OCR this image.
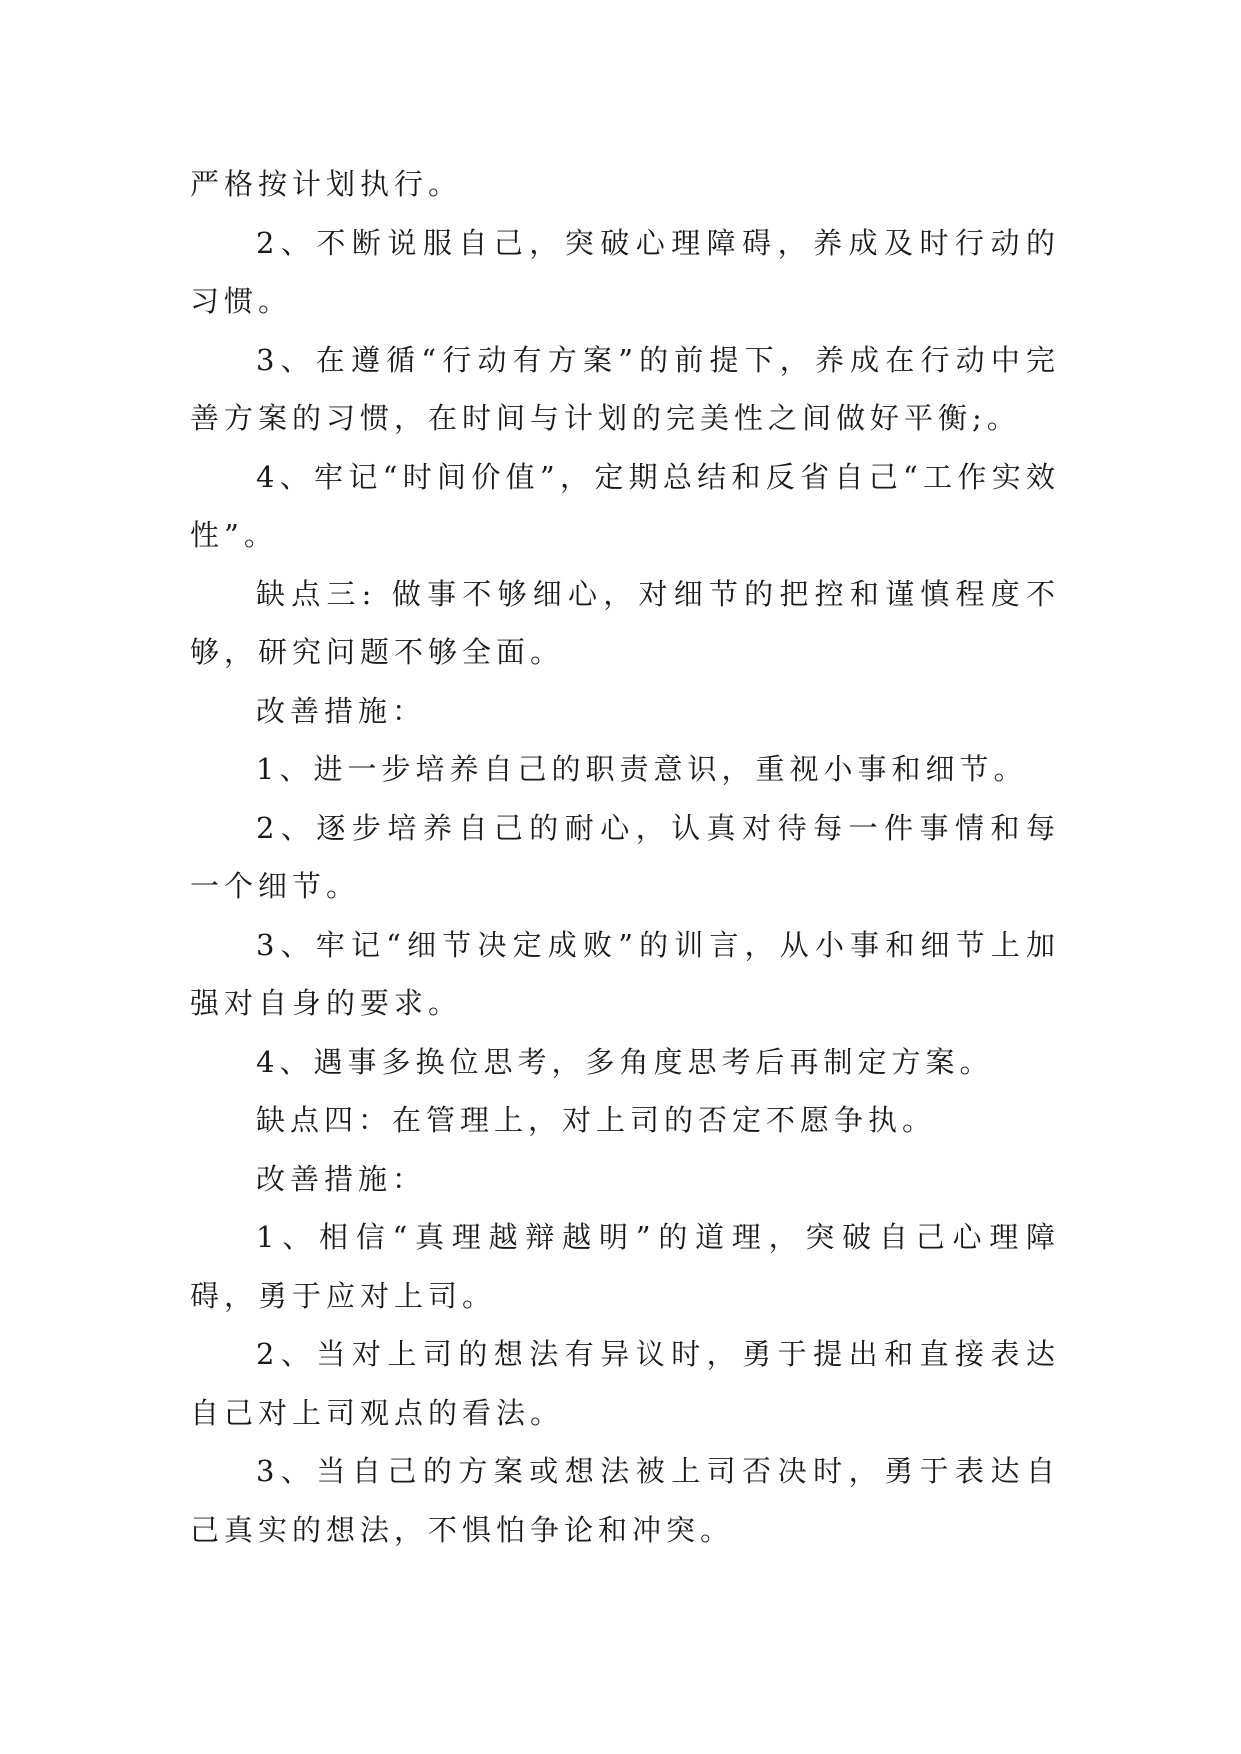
严格按计划执行。

2、不断说服自己，突破心理障碍，养成及时行动的习惯。

3、在遵循“行动有方案”的前提下，养成在行动中完善方案的习惯，在时间与计划的完美性之间做好平衡;。

4、牢记“时间价值”，定期总结和反省自己“工作实效性”。

缺点三: 做事不够细心，对细节的把控和谨慎程度不够，研究问题不够全面。

改善措施：

1、进一步培养自己的职责意识，重视小事和细节。

2、逐步培养自己的耐心，认真对待每一件事情和每一个细节。

3、牢记“细节决定成败”的训言，从小事和细节上加强对自身的要求。

4、遇事多换位思考，多角度思考后再制定方案。

缺点四：在管理上，对上司的否定不愿争执。

改善措施：

1、相信“真理越辩越明”的道理，突破自己心理障碍，勇于应对上司。

2、当对上司的想法有异议时，勇于提出和直接表达自己对上司观点的看法。

3、当自己的方案或想法被上司否决时，勇于表达自己真实的想法，不惧怕争论和冲突。
